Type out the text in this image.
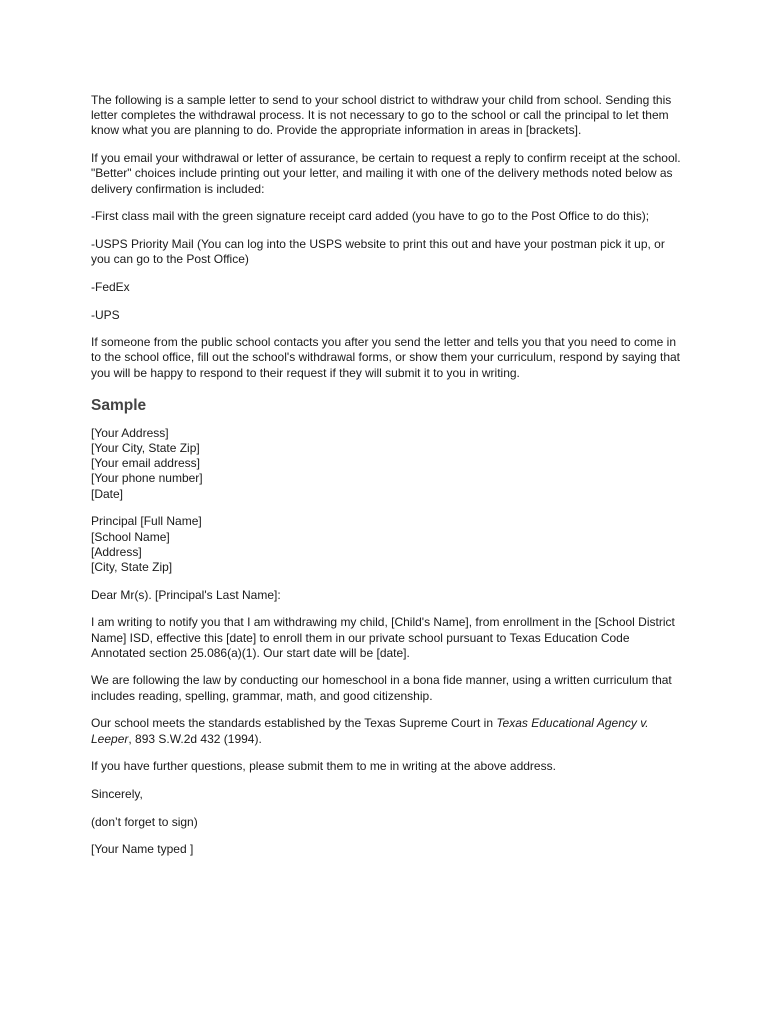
The following is a sample letter to send to your school district to withdraw your child from school. Sending this letter completes the withdrawal process. It is not necessary to go to the school or call the principal to let them know what you are planning to do. Provide the appropriate information in areas in [brackets].

If you email your withdrawal or letter of assurance, be certain to request a reply to confirm receipt at the school. "Better" choices include printing out your letter, and mailing it with one of the delivery methods noted below as delivery confirmation is included:

-First class mail with the green signature receipt card added (you have to go to the Post Office to do this);

-USPS Priority Mail (You can log into the USPS website to print this out and have your postman pick it up, or you can go to the Post Office)

-FedEx

-UPS

If someone from the public school contacts you after you send the letter and tells you that you need to come in to the school office, fill out the school's withdrawal forms, or show them your curriculum, respond by saying that you will be happy to respond to their request if they will submit it to you in writing.

Sample
[Your Address]
[Your City, State Zip]
[Your email address]
[Your phone number]
[Date]
Principal [Full Name]
[School Name]
[Address]
[City, State Zip]

Dear Mr(s). [Principal's Last Name]:

I am writing to notify you that I am withdrawing my child, [Child's Name], from enrollment in the [School District Name] ISD, effective this [date] to enroll them in our private school pursuant to Texas Education Code Annotated section 25.086(a)(1). Our start date will be [date].

We are following the law by conducting our homeschool in a bona fide manner, using a written curriculum that includes reading, spelling, grammar, math, and good citizenship.

Our school meets the standards established by the Texas Supreme Court in Texas Educational Agency v. Leeper, 893 S.W.2d 432 (1994).

If you have further questions, please submit them to me in writing at the above address.

Sincerely,

(don’t forget to sign)

[Your Name typed ]
